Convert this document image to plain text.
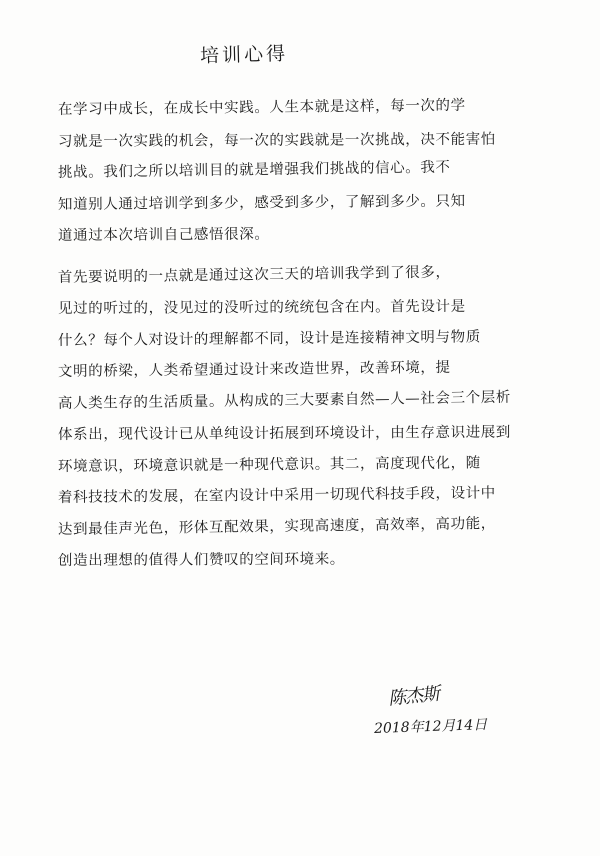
培训心得
在学习中成长，在成长中实践。人生本就是这样，每一次的学
习就是一次实践的机会，每一次的实践就是一次挑战，决不能害怕
挑战。我们之所以培训目的就是增强我们挑战的信心。我不
知道别人通过培训学到多少，感受到多少，了解到多少。只知
道通过本次培训自己感悟很深。
首先要说明的一点就是通过这次三天的培训我学到了很多，
见过的听过的，没见过的没听过的统统包含在内。首先设计是
什么？每个人对设计的理解都不同，设计是连接精神文明与物质
文明的桥梁，人类希望通过设计来改造世界，改善环境，提
高人类生存的生活质量。从构成的三大要素自然—人—社会三个层析
体系出，现代设计已从单纯设计拓展到环境设计，由生存意识进展到
环境意识，环境意识就是一种现代意识。其二，高度现代化，随
着科技技术的发展，在室内设计中采用一切现代科技手段，设计中
达到最佳声光色，形体互配效果，实现高速度，高效率，高功能，
创造出理想的值得人们赞叹的空间环境来。
陈杰斯
2018年12月14日
